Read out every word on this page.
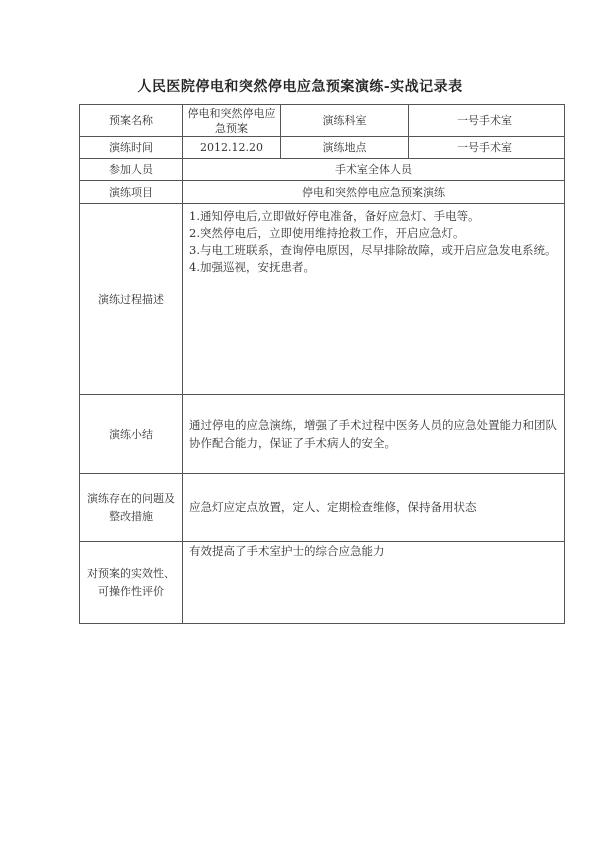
人民医院停电和突然停电应急预案演练-实战记录表
预案名称	停电和突然停电应急预案	演练科室	一号手术室
演练时间	2012.12.20	演练地点	一号手术室
参加人员	手术室全体人员		
演练项目	停电和突然停电应急预案演练		
演练过程描述	1.通知停电后,立即做好停电准备，备好应急灯、手电等。
2.突然停电后，立即使用维持抢救工作，开启应急灯。
3.与电工班联系，查询停电原因，尽早排除故障，或开启应急发电系统。
4.加强巡视，安抚患者。		

演练小结	通过停电的应急演练，增强了手术过程中医务人员的应急处置能力和团队协作配合能力，保证了手术病人的安全。		
演练存在的问题及整改措施	应急灯应定点放置，定人、定期检查维修，保持备用状态		
对预案的实效性、可操作性评价	有效提高了手术室护士的综合应急能力		
